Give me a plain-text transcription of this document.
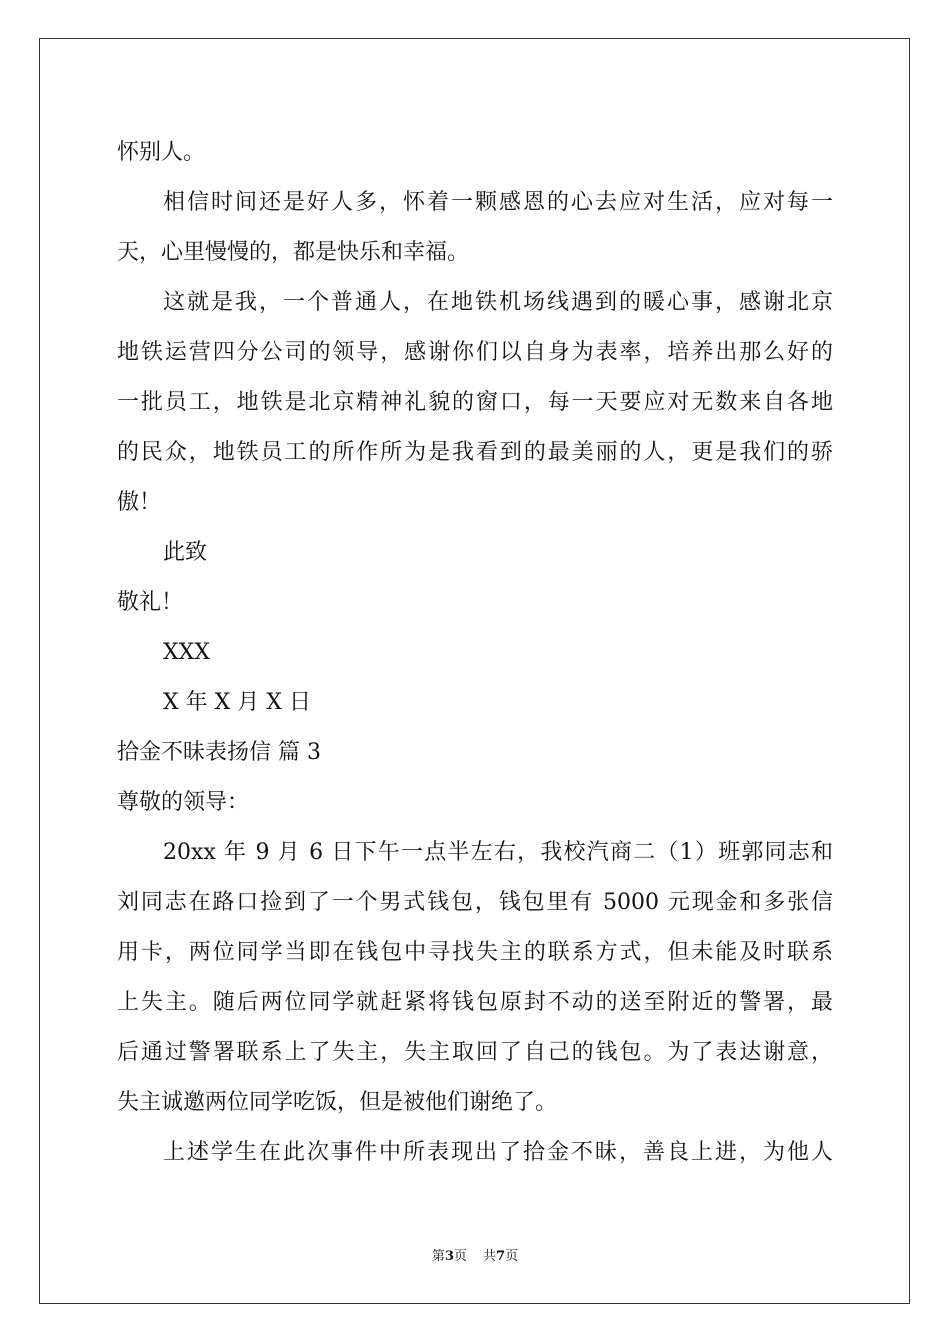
怀别人。
相信时间还是好人多，怀着一颗感恩的心去应对生活，应对每一
天，心里慢慢的，都是快乐和幸福。
这就是我，一个普通人，在地铁机场线遇到的暖心事，感谢北京
地铁运营四分公司的领导，感谢你们以自身为表率，培养出那么好的
一批员工，地铁是北京精神礼貌的窗口，每一天要应对无数来自各地
的民众，地铁员工的所作所为是我看到的最美丽的人，更是我们的骄
傲！
此致
敬礼！
XXX
X 年 X 月 X 日
拾金不昧表扬信 篇 3
尊敬的领导：
20xx 年 9 月 6 日下午一点半左右，我校汽商二（1）班郭同志和
刘同志在路口捡到了一个男式钱包，钱包里有 5000 元现金和多张信
用卡，两位同学当即在钱包中寻找失主的联系方式，但未能及时联系
上失主。随后两位同学就赶紧将钱包原封不动的送至附近的警署，最
后通过警署联系上了失主，失主取回了自己的钱包。为了表达谢意，
失主诚邀两位同学吃饭，但是被他们谢绝了。
上述学生在此次事件中所表现出了拾金不昧，善良上进，为他人
第3页 共7页
